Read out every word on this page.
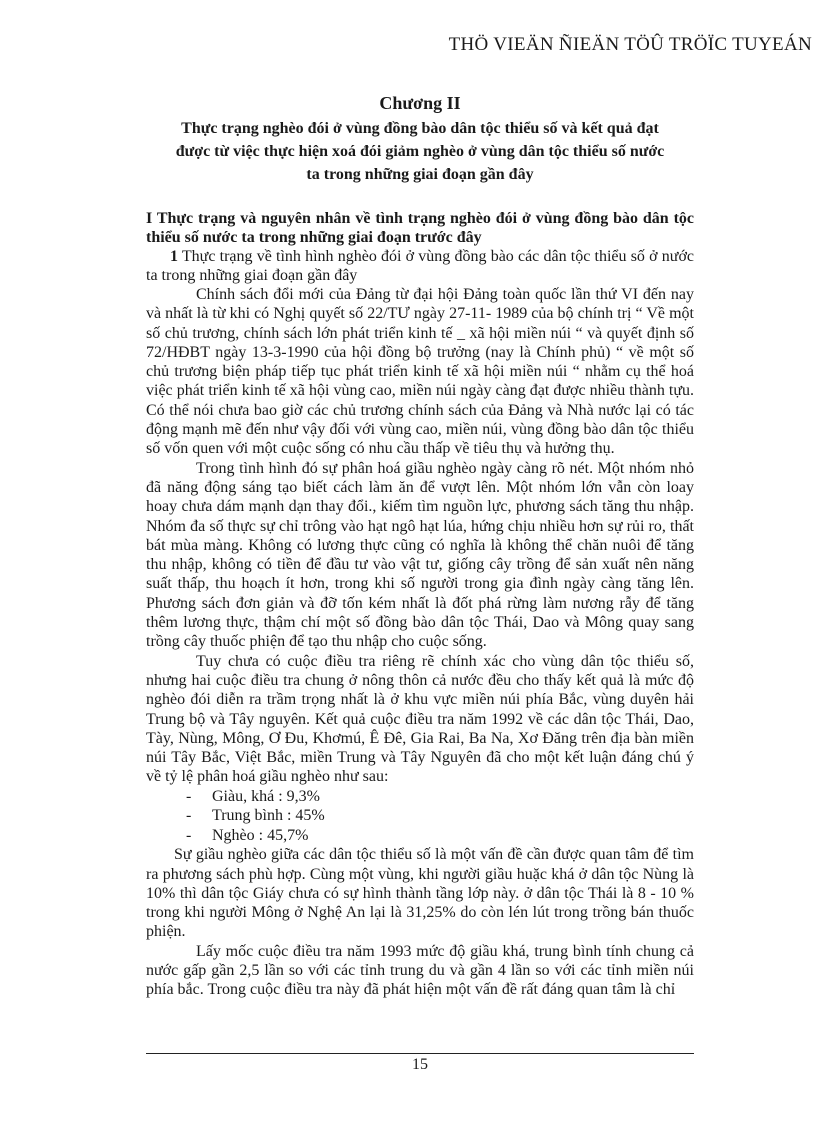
THÖ VIEÄN ÑIEÄN TÖÛ TRÖÏC TUYEÁN
Chương II
Thực trạng nghèo đói ở vùng đồng bào dân tộc thiểu số và kết quả đạt
được từ việc thực hiện xoá đói giảm nghèo ở vùng dân tộc thiểu số nước
ta trong những giai đoạn gần đây
I Thực trạng và nguyên nhân về tình trạng nghèo đói ở vùng đồng bào dân tộc thiểu số nước ta trong những giai đoạn trước đây

1 Thực trạng về tình hình nghèo đói ở vùng đồng bào các dân tộc thiểu số ở nước ta trong những giai đoạn gần đây

Chính sách đổi mới của Đảng từ đại hội Đảng toàn quốc lần thứ VI đến nay và nhất là từ khi có Nghị quyết số 22/TƯ ngày 27-11- 1989 của bộ chính trị “ Về một số chủ trương, chính sách lớn phát triển kinh tế _ xã hội miền núi “ và quyết định số 72/HĐBT ngày 13-3-1990 của hội đồng bộ trưởng (nay là Chính phủ) “ về một số chủ trương biện pháp tiếp tục phát triển kinh tế xã hội miền núi “ nhằm cụ thể hoá việc phát triển kinh tế xã hội vùng cao, miền núi ngày càng đạt được nhiều thành tựu. Có thể nói chưa bao giờ các chủ trương chính sách của Đảng và Nhà nước lại có tác động mạnh mẽ đến như vậy đối với vùng cao, miền núi, vùng đồng bào dân tộc thiểu số vốn quen với một cuộc sống có nhu cầu thấp về tiêu thụ và hưởng thụ.

Trong tình hình đó sự phân hoá giầu nghèo ngày càng rõ nét. Một nhóm nhỏ đã năng động sáng tạo biết cách làm ăn để vượt lên. Một nhóm lớn vẫn còn loay hoay chưa dám mạnh dạn thay đổi., kiếm tìm nguồn lực, phương sách tăng thu nhập. Nhóm đa số thực sự chỉ trông vào hạt ngô hạt lúa, hứng chịu nhiều hơn sự rủi ro, thất bát mùa màng. Không có lương thực cũng có nghĩa là không thể chăn nuôi để tăng thu nhập, không có tiền để đầu tư vào vật tư, giống cây trồng để sản xuất nên năng suất thấp, thu hoạch ít hơn, trong khi số người trong gia đình ngày càng tăng lên. Phương sách đơn giản và đỡ tốn kém nhất là đốt phá rừng làm nương rẫy để tăng thêm lương thực, thậm chí một số đồng bào dân tộc Thái, Dao và Mông quay sang trồng cây thuốc phiện để tạo thu nhập cho cuộc sống.

Tuy chưa có cuộc điều tra riêng rẽ chính xác cho vùng dân tộc thiểu số, nhưng hai cuộc điều tra chung ở nông thôn cả nước đều cho thấy kết quả là mức độ nghèo đói diễn ra trầm trọng nhất là ở khu vực miền núi phía Bắc, vùng duyên hải Trung bộ và Tây nguyên. Kết quả cuộc điều tra năm 1992 về các dân tộc Thái, Dao, Tày, Nùng, Mông, Ơ Đu, Khơmú, Ê Đê, Gia Rai, Ba Na, Xơ Đăng trên địa bàn miền núi Tây Bắc, Việt Bắc, miền Trung và Tây Nguyên đã cho một kết luận đáng chú ý về tỷ lệ phân hoá giầu nghèo như sau:

- Giàu, khá : 9,3%
- Trung bình : 45%
- Nghèo : 45,7%

Sự giầu nghèo giữa các dân tộc thiểu số là một vấn đề cần được quan tâm để tìm ra phương sách phù hợp. Cùng một vùng, khi người giầu huặc khá ở dân tộc Nùng là 10% thì dân tộc Giáy chưa có sự hình thành tầng lớp này. ở dân tộc Thái là 8 - 10 % trong khi người Mông ở Nghệ An lại là 31,25% do còn lén lút trong trồng bán thuốc phiện.

Lấy mốc cuộc điều tra năm 1993 mức độ giầu khá, trung bình tính chung cả nước gấp gần 2,5 lần so với các tỉnh trung du và gần 4 lần so với các tỉnh miền núi phía bắc. Trong cuộc điều tra này đã phát hiện một vấn đề rất đáng quan tâm là chỉ

15
